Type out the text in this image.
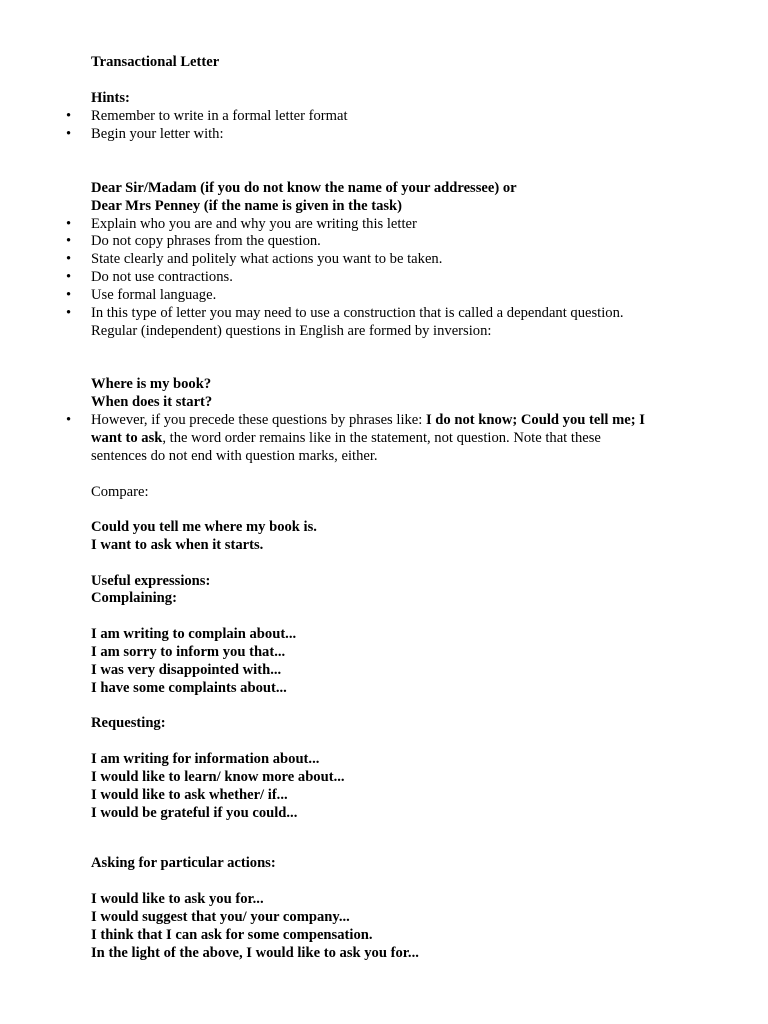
Transactional Letter
Hints:
• Remember to write in a formal letter format
• Begin your letter with:
Dear Sir/Madam (if you do not know the name of your addressee) or
Dear Mrs Penney (if the name is given in the task)
• Explain who you are and why you are writing this letter
• Do not copy phrases from the question.
• State clearly and politely what actions you want to be taken.
• Do not use contractions.
• Use formal language.
• In this type of letter you may need to use a construction that is called a dependant question.
Regular (independent) questions in English are formed by inversion:
Where is my book?
When does it start?
• However, if you precede these questions by phrases like: I do not know; Could you tell me; I
want to ask, the word order remains like in the statement, not question. Note that these
sentences do not end with question marks, either.
Compare:
Could you tell me where my book is.
I want to ask when it starts.
Useful expressions:
Complaining:
I am writing to complain about...
I am sorry to inform you that...
I was very disappointed with...
I have some complaints about...
Requesting:
I am writing for information about...
I would like to learn/ know more about...
I would like to ask whether/ if...
I would be grateful if you could...
Asking for particular actions:
I would like to ask you for...
I would suggest that you/ your company...
I think that I can ask for some compensation.
In the light of the above, I would like to ask you for...
